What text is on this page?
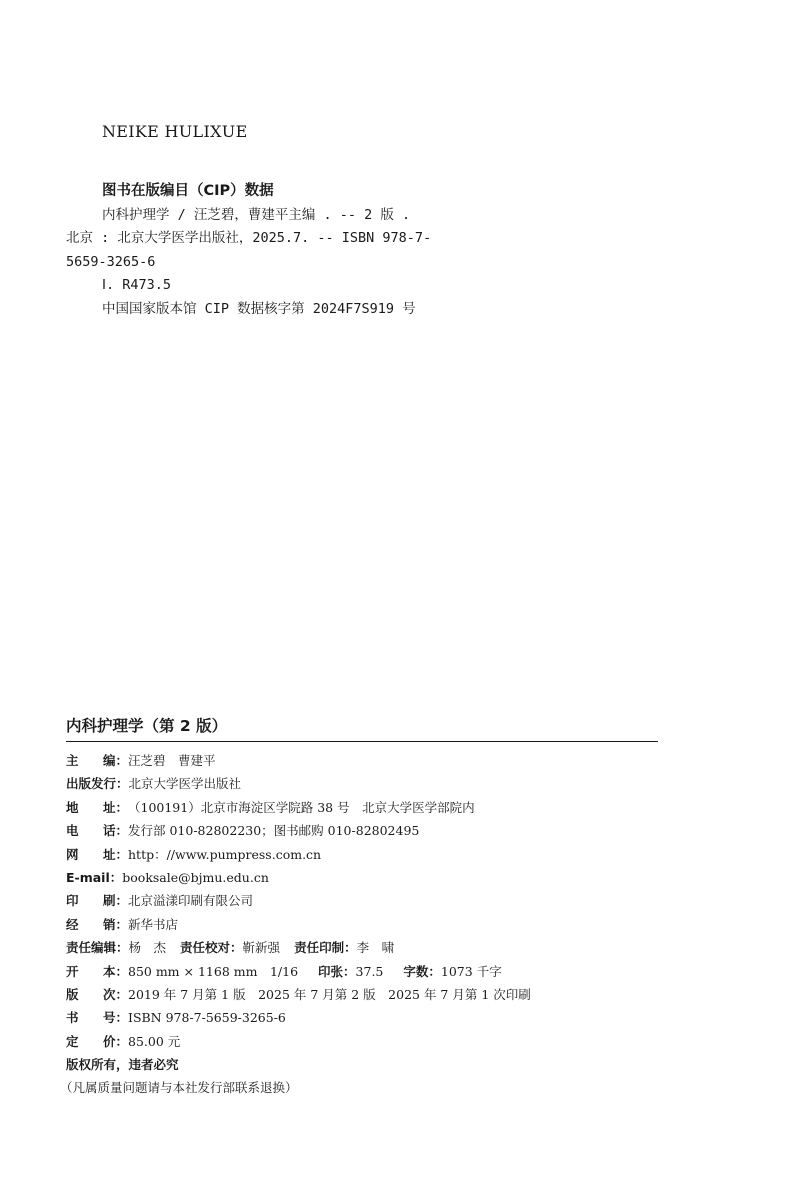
NEIKE HULIXUE
图书在版编目（CIP）数据
内科护理学 / 汪芝碧，曹建平主编 . -- 2 版 .
北京 : 北京大学医学出版社，2025.7. -- ISBN 978-7-
5659-3265-6
Ⅰ. R473.5
中国国家版本馆 CIP 数据核字第 2024F7S919 号
内科护理学（第 2 版）
主 编： 汪芝碧　曹建平
出版发行： 北京大学医学出版社
地 址： （100191）北京市海淀区学院路 38 号　北京大学医学部院内
电 话： 发行部 010-82802230；图书邮购 010-82802495
网 址： http：//www.pumpress.com.cn
E-mail： booksale@bjmu.edu.cn
印 刷： 北京溢漾印刷有限公司
经 销： 新华书店
责任编辑： 杨　杰 责任校对： 靳新强 责任印制： 李　啸
开 本： 850 mm × 1168 mm　1/16 印张： 37.5 字数： 1073 千字
版 次： 2019 年 7 月第 1 版　2025 年 7 月第 2 版　2025 年 7 月第 1 次印刷
书 号： ISBN 978-7-5659-3265-6
定 价： 85.00 元
版权所有，违者必究
（凡属质量问题请与本社发行部联系退换）
